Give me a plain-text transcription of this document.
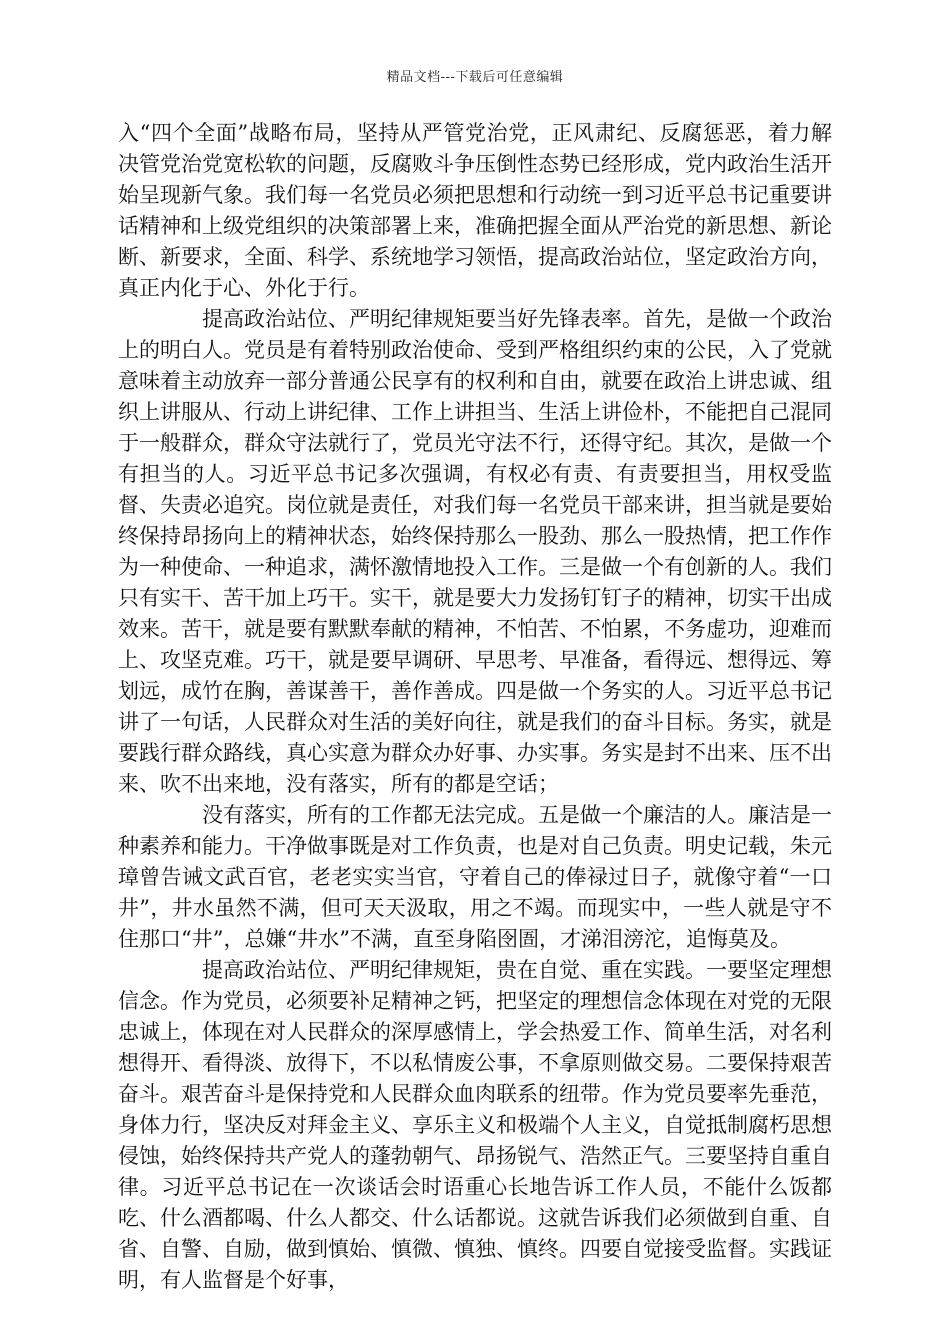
精品文档---下载后可任意编辑

入“四个全面”战略布局，坚持从严管党治党，正风肃纪、反腐惩恶，着力解决管党治党宽松软的问题，反腐败斗争压倒性态势已经形成，党内政治生活开始呈现新气象。我们每一名党员必须把思想和行动统一到习近平总书记重要讲话精神和上级党组织的决策部署上来，准确把握全面从严治党的新思想、新论断、新要求，全面、科学、系统地学习领悟，提高政治站位，坚定政治方向，真正内化于心、外化于行。

提高政治站位、严明纪律规矩要当好先锋表率。首先，是做一个政治上的明白人。党员是有着特别政治使命、受到严格组织约束的公民，入了党就意味着主动放弃一部分普通公民享有的权利和自由，就要在政治上讲忠诚、组织上讲服从、行动上讲纪律、工作上讲担当、生活上讲俭朴，不能把自己混同于一般群众，群众守法就行了，党员光守法不行，还得守纪。其次，是做一个有担当的人。习近平总书记多次强调，有权必有责、有责要担当，用权受监督、失责必追究。岗位就是责任，对我们每一名党员干部来讲，担当就是要始终保持昂扬向上的精神状态，始终保持那么一股劲、那么一股热情，把工作作为一种使命、一种追求，满怀激情地投入工作。三是做一个有创新的人。我们只有实干、苦干加上巧干。实干，就是要大力发扬钉钉子的精神，切实干出成效来。苦干，就是要有默默奉献的精神，不怕苦、不怕累，不务虚功，迎难而上、攻坚克难。巧干，就是要早调研、早思考、早准备，看得远、想得远、筹划远，成竹在胸，善谋善干，善作善成。四是做一个务实的人。习近平总书记讲了一句话，人民群众对生活的美好向往，就是我们的奋斗目标。务实，就是要践行群众路线，真心实意为群众办好事、办实事。务实是封不出来、压不出来、吹不出来地，没有落实，所有的都是空话；

没有落实，所有的工作都无法完成。五是做一个廉洁的人。廉洁是一种素养和能力。干净做事既是对工作负责，也是对自己负责。明史记载，朱元璋曾告诫文武百官，老老实实当官，守着自己的俸禄过日子，就像守着“一口井”，井水虽然不满，但可天天汲取，用之不竭。而现实中，一些人就是守不住那口“井”，总嫌“井水”不满，直至身陷囹圄，才涕泪滂沱，追悔莫及。

提高政治站位、严明纪律规矩，贵在自觉、重在实践。一要坚定理想信念。作为党员，必须要补足精神之钙，把坚定的理想信念体现在对党的无限忠诚上，体现在对人民群众的深厚感情上，学会热爱工作、简单生活，对名利想得开、看得淡、放得下，不以私情废公事，不拿原则做交易。二要保持艰苦奋斗。艰苦奋斗是保持党和人民群众血肉联系的纽带。作为党员要率先垂范，身体力行，坚决反对拜金主义、享乐主义和极端个人主义，自觉抵制腐朽思想侵蚀，始终保持共产党人的蓬勃朝气、昂扬锐气、浩然正气。三要坚持自重自律。习近平总书记在一次谈话会时语重心长地告诉工作人员，不能什么饭都吃、什么酒都喝、什么人都交、什么话都说。这就告诉我们必须做到自重、自省、自警、自励，做到慎始、慎微、慎独、慎终。四要自觉接受监督。实践证明，有人监督是个好事，
